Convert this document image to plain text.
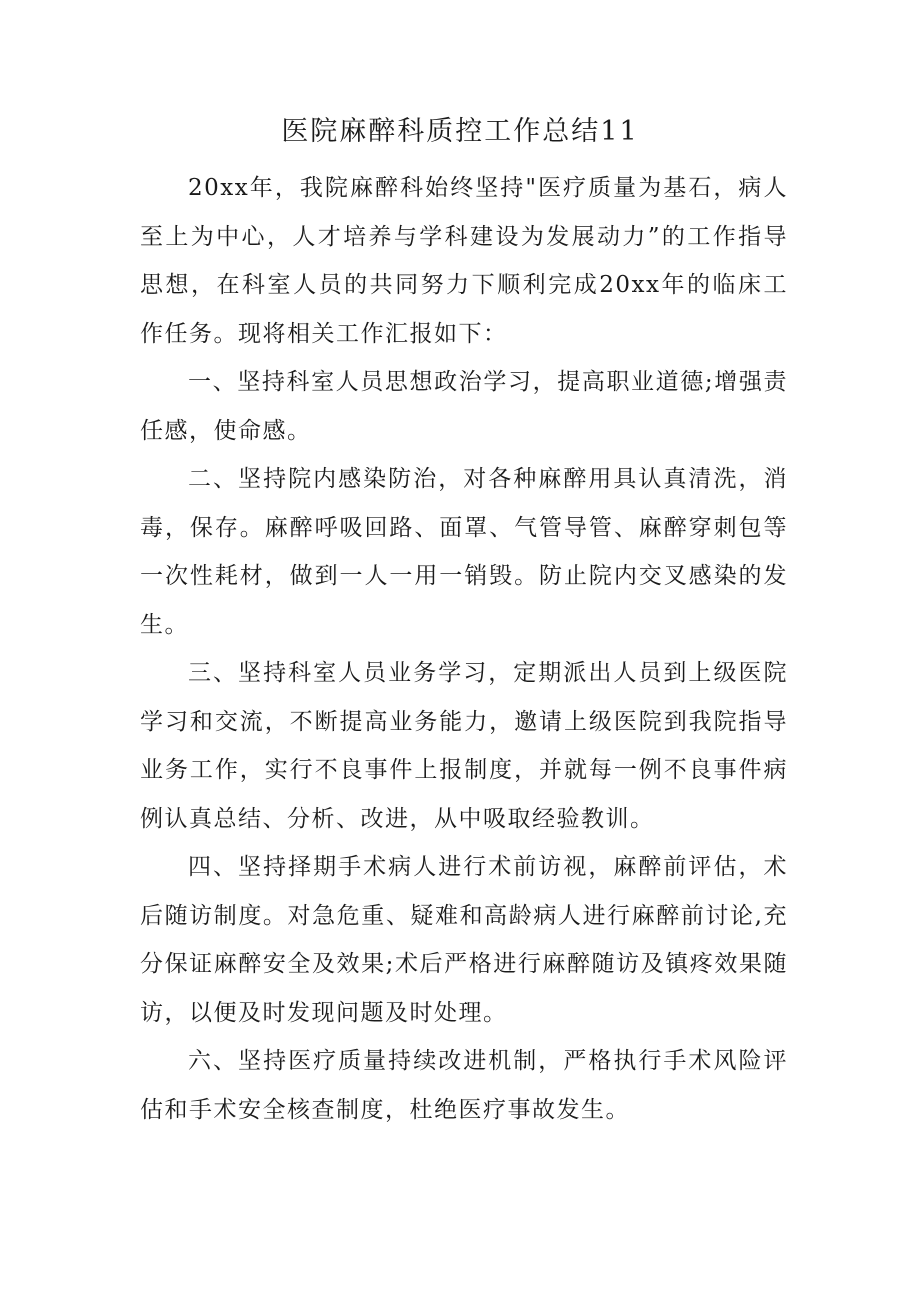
医院麻醉科质控工作总结11

20xx年，我院麻醉科始终坚持"医疗质量为基石，病人至上为中心，人才培养与学科建设为发展动力”的工作指导思想，在科室人员的共同努力下顺利完成20xx年的临床工作任务。现将相关工作汇报如下：

一、坚持科室人员思想政治学习，提高职业道德;增强责任感，使命感。

二、坚持院内感染防治，对各种麻醉用具认真清洗，消毒，保存。麻醉呼吸回路、面罩、气管导管、麻醉穿刺包等一次性耗材，做到一人一用一销毁。防止院内交叉感染的发生。

三、坚持科室人员业务学习，定期派出人员到上级医院学习和交流，不断提高业务能力，邀请上级医院到我院指导业务工作，实行不良事件上报制度，并就每一例不良事件病例认真总结、分析、改进，从中吸取经验教训。

四、坚持择期手术病人进行术前访视，麻醉前评估，术后随访制度。对急危重、疑难和高龄病人进行麻醉前讨论,充分保证麻醉安全及效果;术后严格进行麻醉随访及镇疼效果随访，以便及时发现问题及时处理。

六、坚持医疗质量持续改进机制，严格执行手术风险评估和手术安全核查制度，杜绝医疗事故发生。
